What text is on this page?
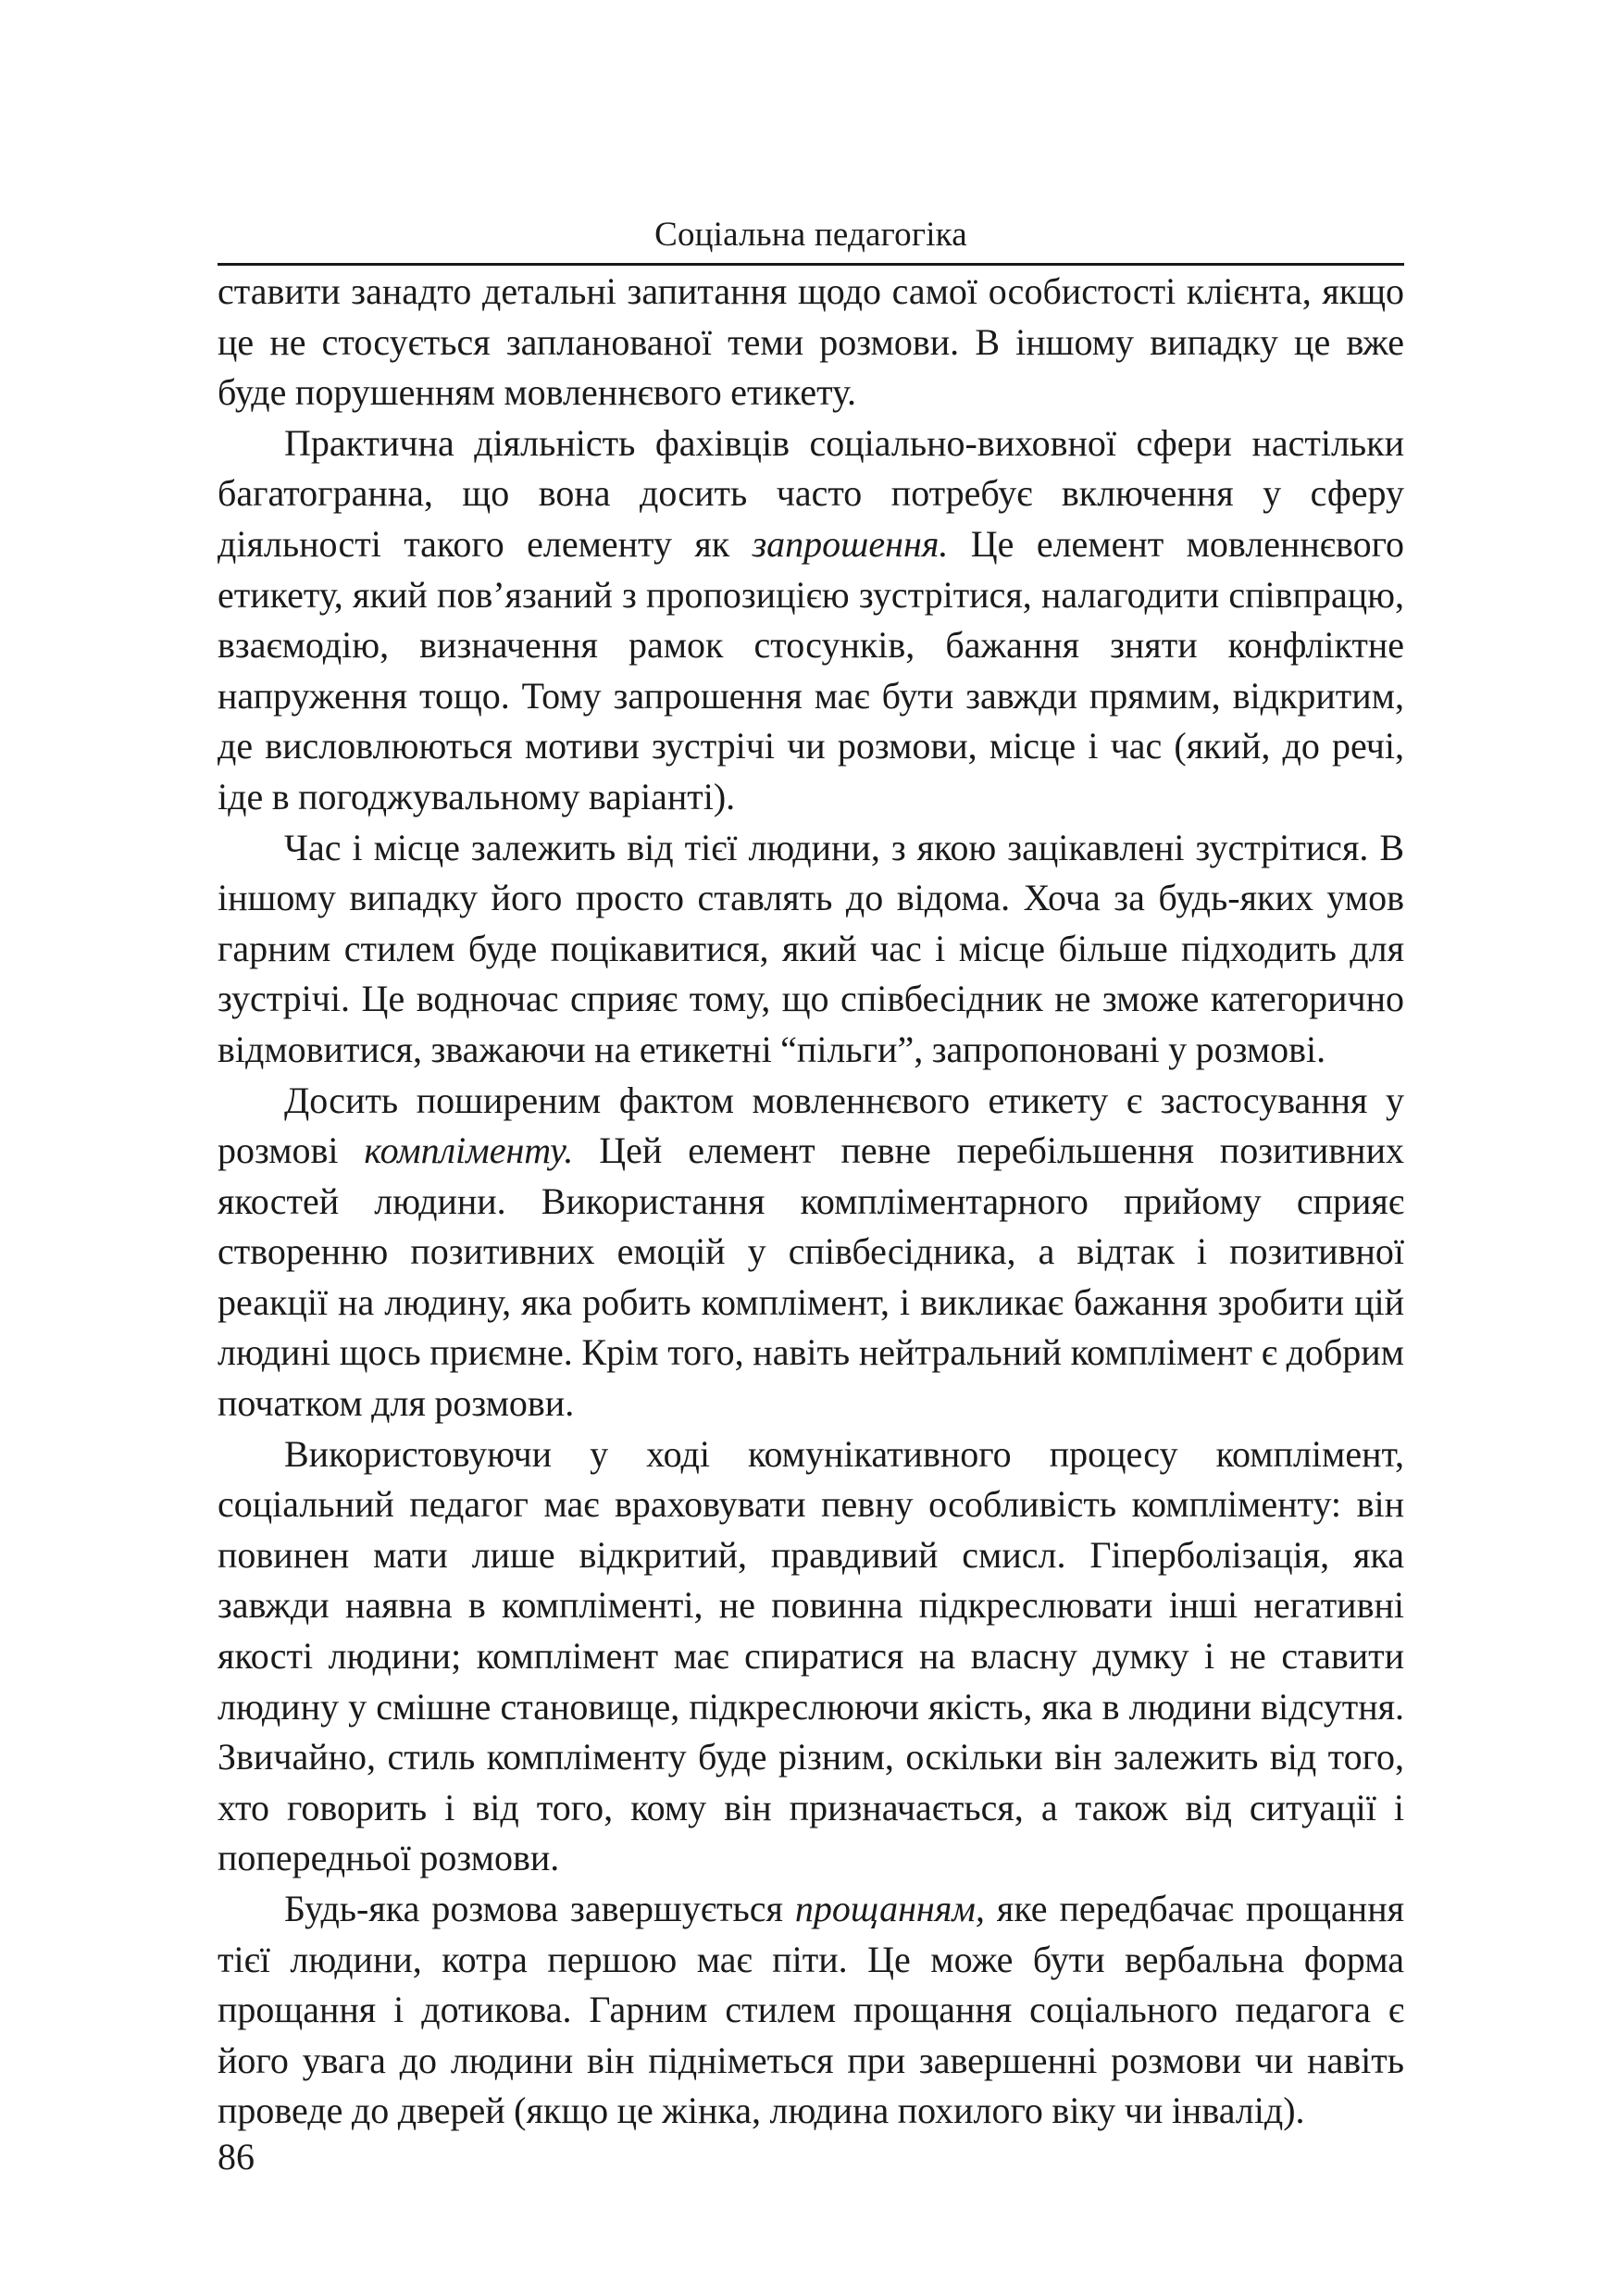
Соціальна педагогіка

ставити занадто детальні запитання щодо самої особистості клієнта, якщо це не стосується запланованої теми розмови. В іншому випадку це вже буде порушенням мовленнєвого етикету.

Практична діяльність фахівців соціально-виховної сфери настільки багатогранна, що вона досить часто потребує включення у сферу діяльності такого елементу як запрошення. Це елемент мовленнєвого етикету, який пов’язаний з пропозицією зустрітися, налагодити співпрацю, взаємодію, визначення рамок стосунків, бажання зняти конфліктне напруження тощо. Тому запрошення має бути завжди прямим, відкритим, де висловлюються мотиви зустрічі чи розмови, місце і час (який, до речі, іде в погоджувальному варіанті).

Час і місце залежить від тієї людини, з якою зацікавлені зустрітися. В іншому випадку його просто ставлять до відома. Хоча за будь-яких умов гарним стилем буде поцікавитися, який час і місце більше підходить для зустрічі. Це водночас сприяє тому, що співбесідник не зможе категорично відмовитися, зважаючи на етикетні “пільги”, запропоновані у розмові.

Досить поширеним фактом мовленнєвого етикету є застосування у розмові компліменту. Цей елемент певне перебільшення позитивних якостей людини. Використання компліментарного прийому сприяє створенню позитивних емоцій у співбесідника, а відтак і позитивної реакції на людину, яка робить комплімент, і викликає бажання зробити цій людині щось приємне. Крім того, навіть нейтральний комплімент є добрим початком для розмови.

Використовуючи у ході комунікативного процесу комплімент, соціальний педагог має враховувати певну особливість компліменту: він повинен мати лише відкритий, правдивий смисл. Гіперболізація, яка завжди наявна в компліменті, не повинна підкреслювати інші негативні якості людини; комплімент має спиратися на власну думку і не ставити людину у смішне становище, підкреслюючи якість, яка в людини відсутня. Звичайно, стиль компліменту буде різним, оскільки він залежить від того, хто говорить і від того, кому він призначається, а також від ситуації і попередньої розмови.

Будь-яка розмова завершується прощанням, яке передбачає прощання тієї людини, котра першою має піти. Це може бути вербальна форма прощання і дотикова. Гарним стилем прощання соціального педагога є його увага до людини він підніметься при завершенні розмови чи навіть проведе до дверей (якщо це жінка, людина похилого віку чи інвалід).

86
